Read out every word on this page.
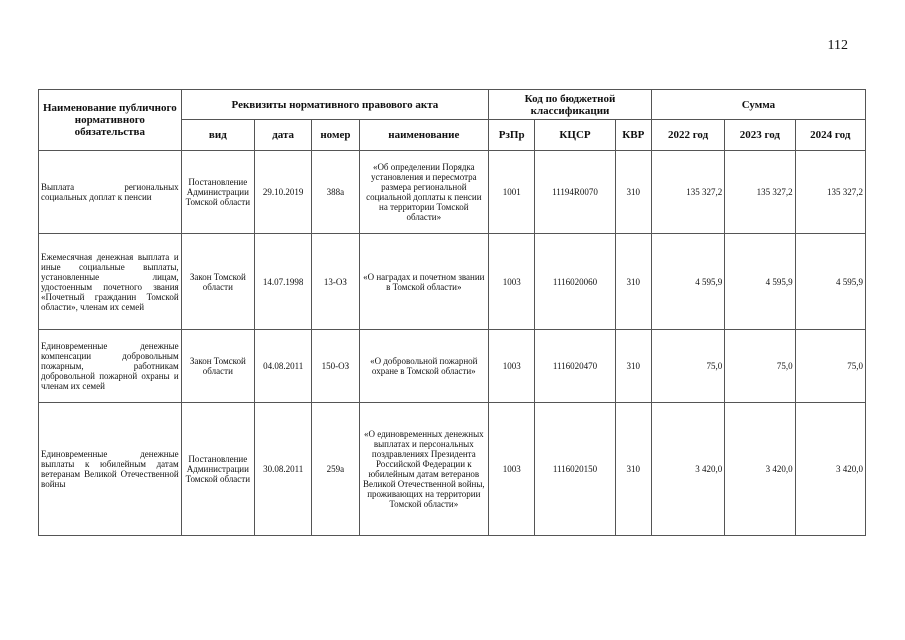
112
Наименование публичного нормативного обязательства	Реквизиты нормативного правового акта				Код по бюджетной классификации			Сумма		
	вид	дата	номер	наименование	РзПр	КЦСР	КВР	2022 год	2023 год	2024 год
Выплата региональных социальных доплат к пенсии	Постановление Администрации Томской области	29.10.2019	388а	«Об определении Порядка установления и пересмотра размера региональной социальной доплаты к пенсии на территории Томской области»	1001	11194R0070	310	135 327,2	135 327,2	135 327,2
Ежемесячная денежная выплата и иные социальные выплаты, установленные лицам, удостоенным почетного звания «Почетный гражданин Томской области», членам их семей	Закон Томской области	14.07.1998	13-ОЗ	«О наградах и почетном звании в Томской области»	1003	1116020060	310	4 595,9	4 595,9	4 595,9
Единовременные денежные компенсации добровольным пожарным, работникам добровольной пожарной охраны и членам их семей	Закон Томской области	04.08.2011	150-ОЗ	«О добровольной пожарной охране в Томской области»	1003	1116020470	310	75,0	75,0	75,0
Единовременные денежные выплаты к юбилейным датам ветеранам Великой Отечественной войны	Постановление Администрации Томской области	30.08.2011	259а	«О единовременных денежных выплатах и персональных поздравлениях Президента Российской Федерации к юбилейным датам ветеранов Великой Отечественной войны, проживающих на территории Томской области»	1003	1116020150	310	3 420,0	3 420,0	3 420,0
